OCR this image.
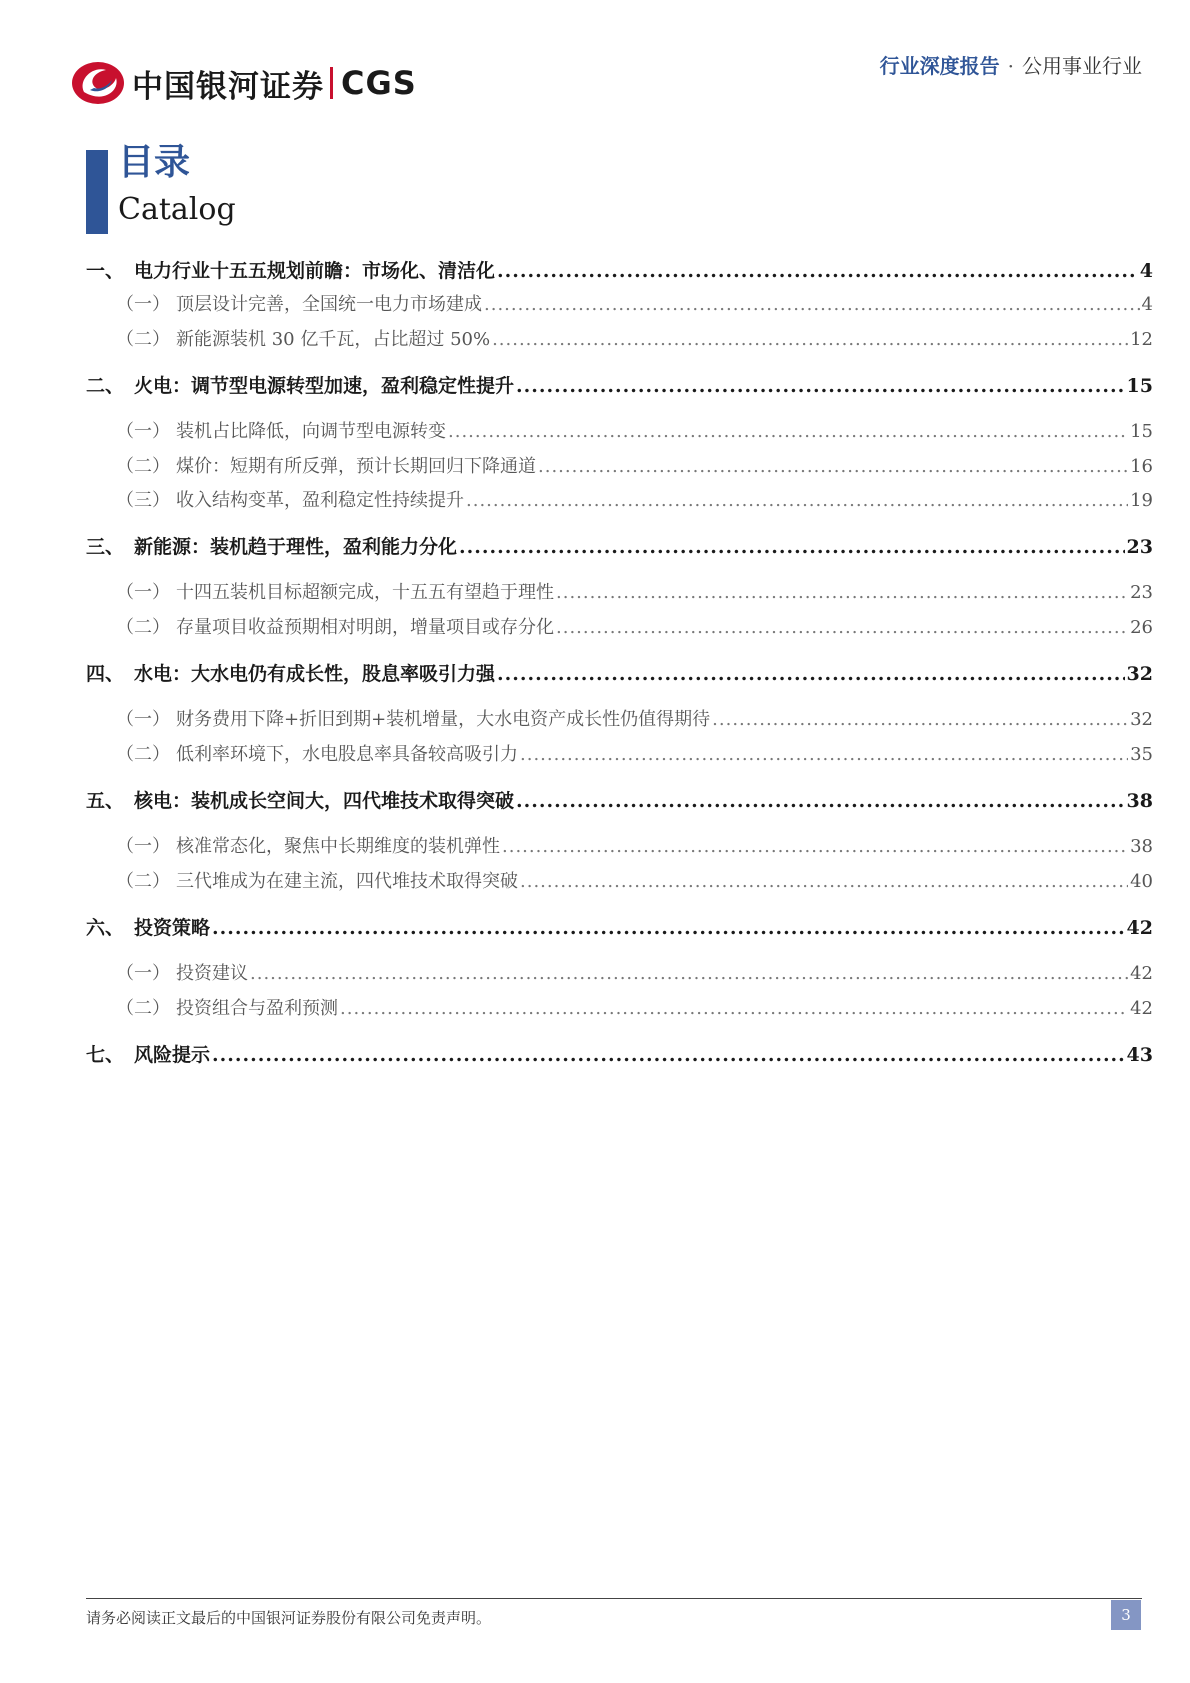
中国银河证券 CGS	行业深度报告 · 公用事业行业
目录
Catalog
一、 电力行业十五五规划前瞻：市场化、清洁化 .....	4
（一） 顶层设计完善，全国统一电力市场建成 .....	4
（二） 新能源装机 30 亿千瓦，占比超过 50% .....	12
二、 火电：调节型电源转型加速，盈利稳定性提升 .....	15
（一） 装机占比降低，向调节型电源转变 .....	15
（二） 煤价：短期有所反弹，预计长期回归下降通道 .....	16
（三） 收入结构变革，盈利稳定性持续提升 .....	19
三、 新能源：装机趋于理性，盈利能力分化 .....	23
（一） 十四五装机目标超额完成，十五五有望趋于理性 .....	23
（二） 存量项目收益预期相对明朗，增量项目或存分化 .....	26
四、 水电：大水电仍有成长性，股息率吸引力强 .....	32
（一） 财务费用下降+折旧到期+装机增量，大水电资产成长性仍值得期待 .....	32
（二） 低利率环境下，水电股息率具备较高吸引力 .....	35
五、 核电：装机成长空间大，四代堆技术取得突破 .....	38
（一） 核准常态化，聚焦中长期维度的装机弹性 .....	38
（二） 三代堆成为在建主流，四代堆技术取得突破 .....	40
六、 投资策略 .....	42
（一） 投资建议 .....	42
（二） 投资组合与盈利预测 .....	42
七、 风险提示 .....	43
请务必阅读正文最后的中国银河证券股份有限公司免责声明。	3
